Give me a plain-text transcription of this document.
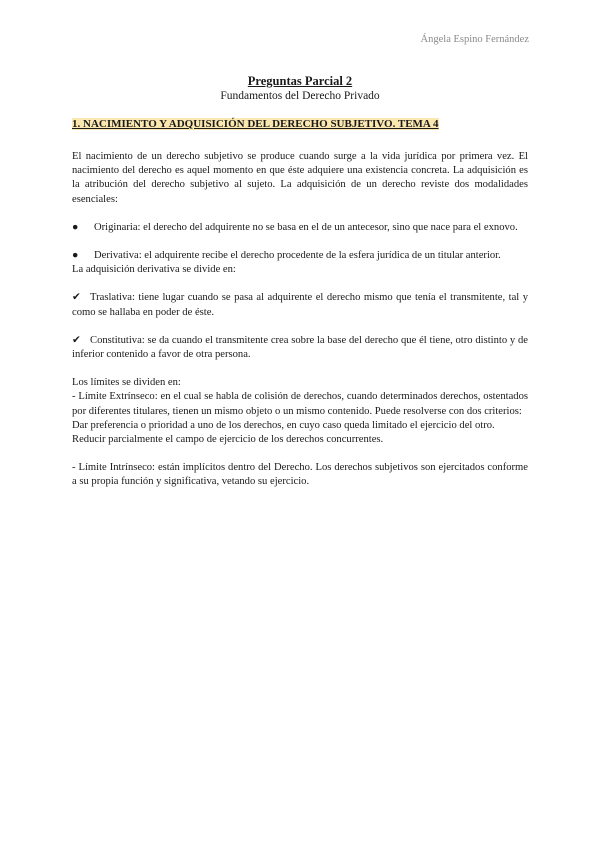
Ángela Espino Fernández
Preguntas Parcial 2
Fundamentos del Derecho Privado
1. NACIMIENTO Y ADQUISICIÓN DEL DERECHO SUBJETIVO. TEMA 4

El nacimiento de un derecho subjetivo se produce cuando surge a la vida jurídica por primera vez. El nacimiento del derecho es aquel momento en que éste adquiere una existencia concreta. La adquisición es la atribución del derecho subjetivo al sujeto. La adquisición de un derecho reviste dos modalidades esenciales:

● Originaria: el derecho del adquirente no se basa en el de un antecesor, sino que nace para el exnovo.

● Derivativa: el adquirente recibe el derecho procedente de la esfera jurídica de un titular anterior.

La adquisición derivativa se divide en:

✔ Traslativa: tiene lugar cuando se pasa al adquirente el derecho mismo que tenía el transmitente, tal y como se hallaba en poder de éste.

✔ Constitutiva: se da cuando el transmitente crea sobre la base del derecho que él tiene, otro distinto y de inferior contenido a favor de otra persona.

Los límites se dividen en:

- Límite Extrínseco: en el cual se habla de colisión de derechos, cuando determinados derechos, ostentados por diferentes titulares, tienen un mismo objeto o un mismo contenido. Puede resolverse con dos criterios:

Dar preferencia o prioridad a uno de los derechos, en cuyo caso queda limitado el ejercicio del otro.

Reducir parcialmente el campo de ejercicio de los derechos concurrentes.

- Límite Intrínseco: están implícitos dentro del Derecho. Los derechos subjetivos son ejercitados conforme a su propia función y significativa, vetando su ejercicio.
